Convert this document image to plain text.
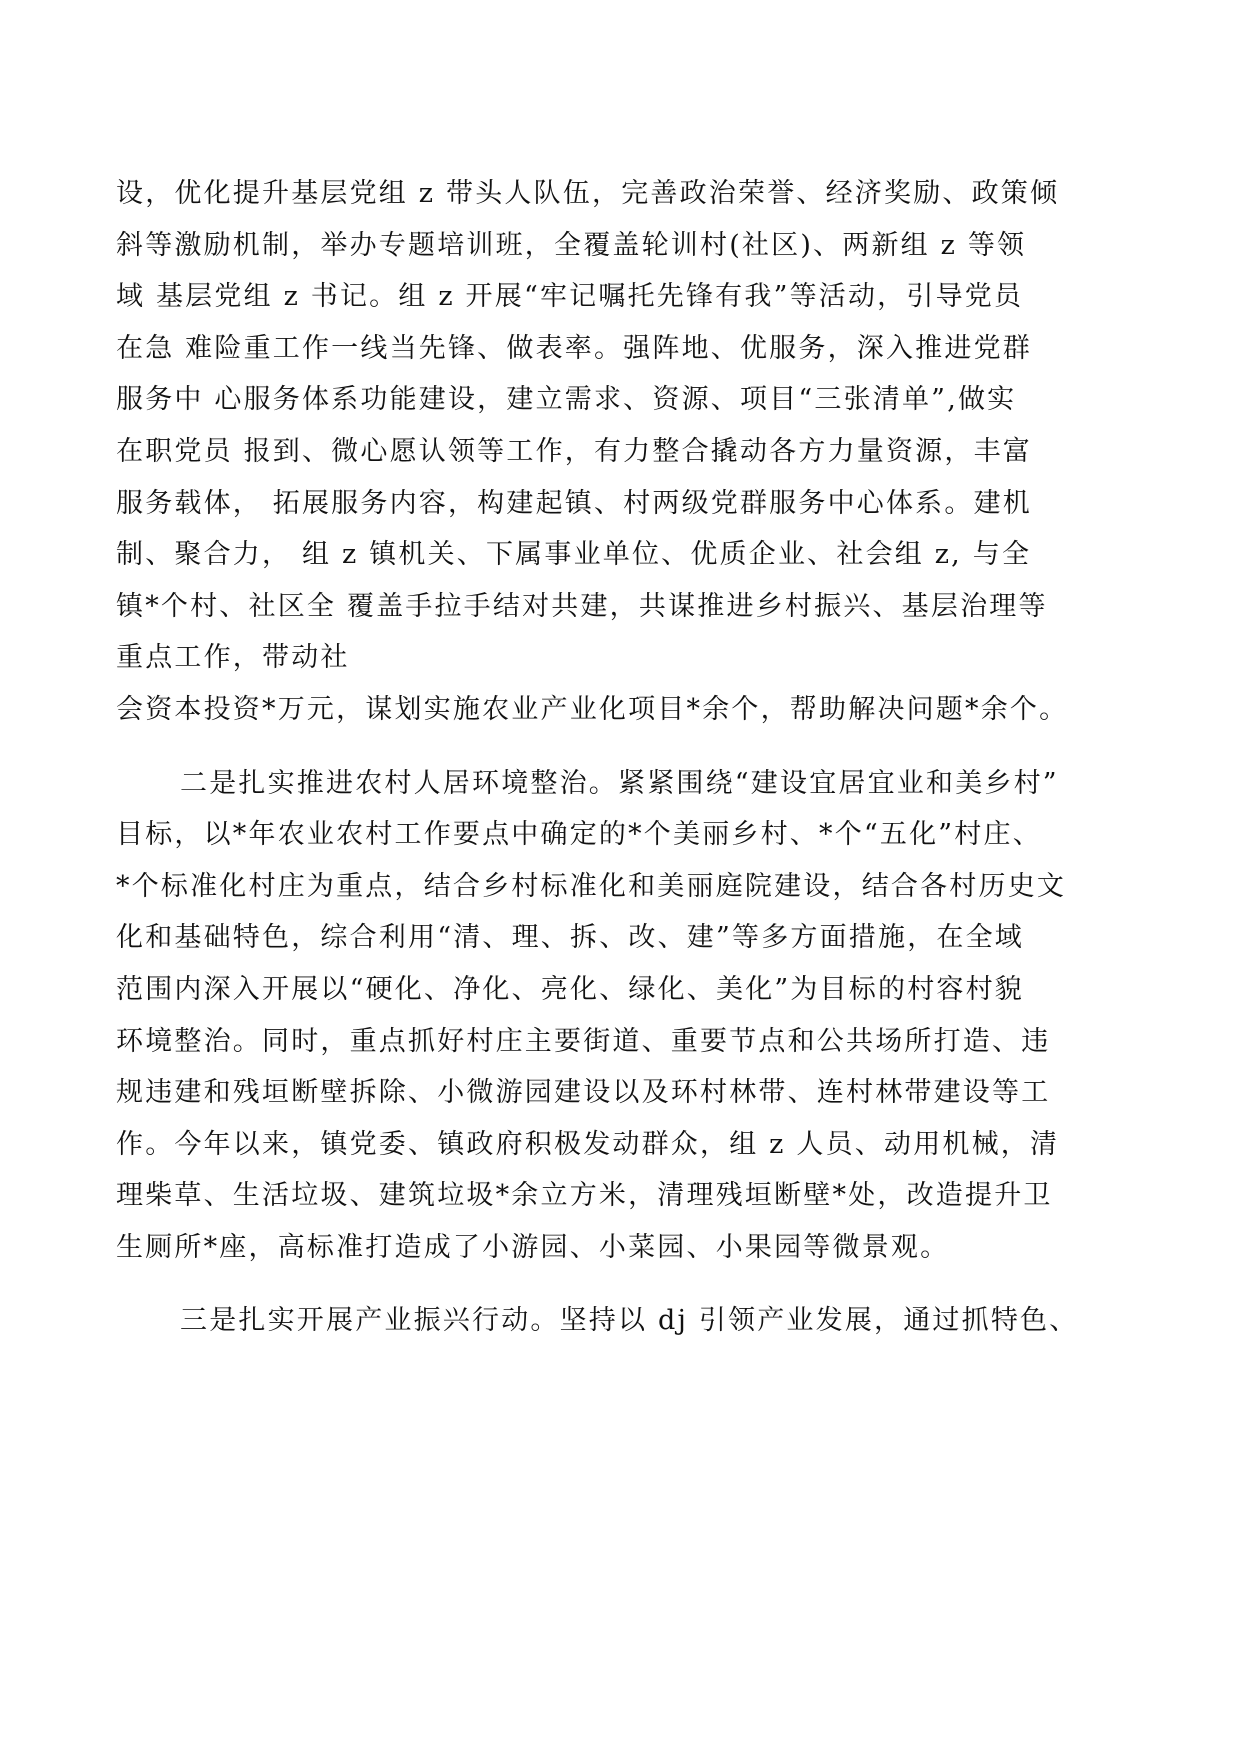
设，优化提升基层党组 z 带头人队伍，完善政治荣誉、经济奖励、政策倾
斜等激励机制，举办专题培训班，全覆盖轮训村(社区)、两新组 z 等领
域 基层党组 z 书记。组 z 开展“牢记嘱托先锋有我”等活动，引导党员
在急 难险重工作一线当先锋、做表率。强阵地、优服务，深入推进党群
服务中 心服务体系功能建设，建立需求、资源、项目“三张清单”,做实
在职党员 报到、微心愿认领等工作，有力整合撬动各方力量资源，丰富
服务载体， 拓展服务内容，构建起镇、村两级党群服务中心体系。建机
制、聚合力， 组 z 镇机关、下属事业单位、优质企业、社会组 z, 与全
镇*个村、社区全 覆盖手拉手结对共建，共谋推进乡村振兴、基层治理等
重点工作，带动社
会资本投资*万元，谋划实施农业产业化项目*余个，帮助解决问题*余个。
二是扎实推进农村人居环境整治。紧紧围绕“建设宜居宜业和美乡村”
目标，以*年农业农村工作要点中确定的*个美丽乡村、*个“五化”村庄、
*个标准化村庄为重点，结合乡村标准化和美丽庭院建设，结合各村历史文
化和基础特色，综合利用“清、理、拆、改、建”等多方面措施，在全域
范围内深入开展以“硬化、净化、亮化、绿化、美化”为目标的村容村貌
环境整治。同时，重点抓好村庄主要街道、重要节点和公共场所打造、违
规违建和残垣断壁拆除、小微游园建设以及环村林带、连村林带建设等工
作。今年以来，镇党委、镇政府积极发动群众，组 z 人员、动用机械，清
理柴草、生活垃圾、建筑垃圾*余立方米，清理残垣断壁*处，改造提升卫
生厕所*座，高标准打造成了小游园、小菜园、小果园等微景观。
三是扎实开展产业振兴行动。坚持以 dj 引领产业发展，通过抓特色、
